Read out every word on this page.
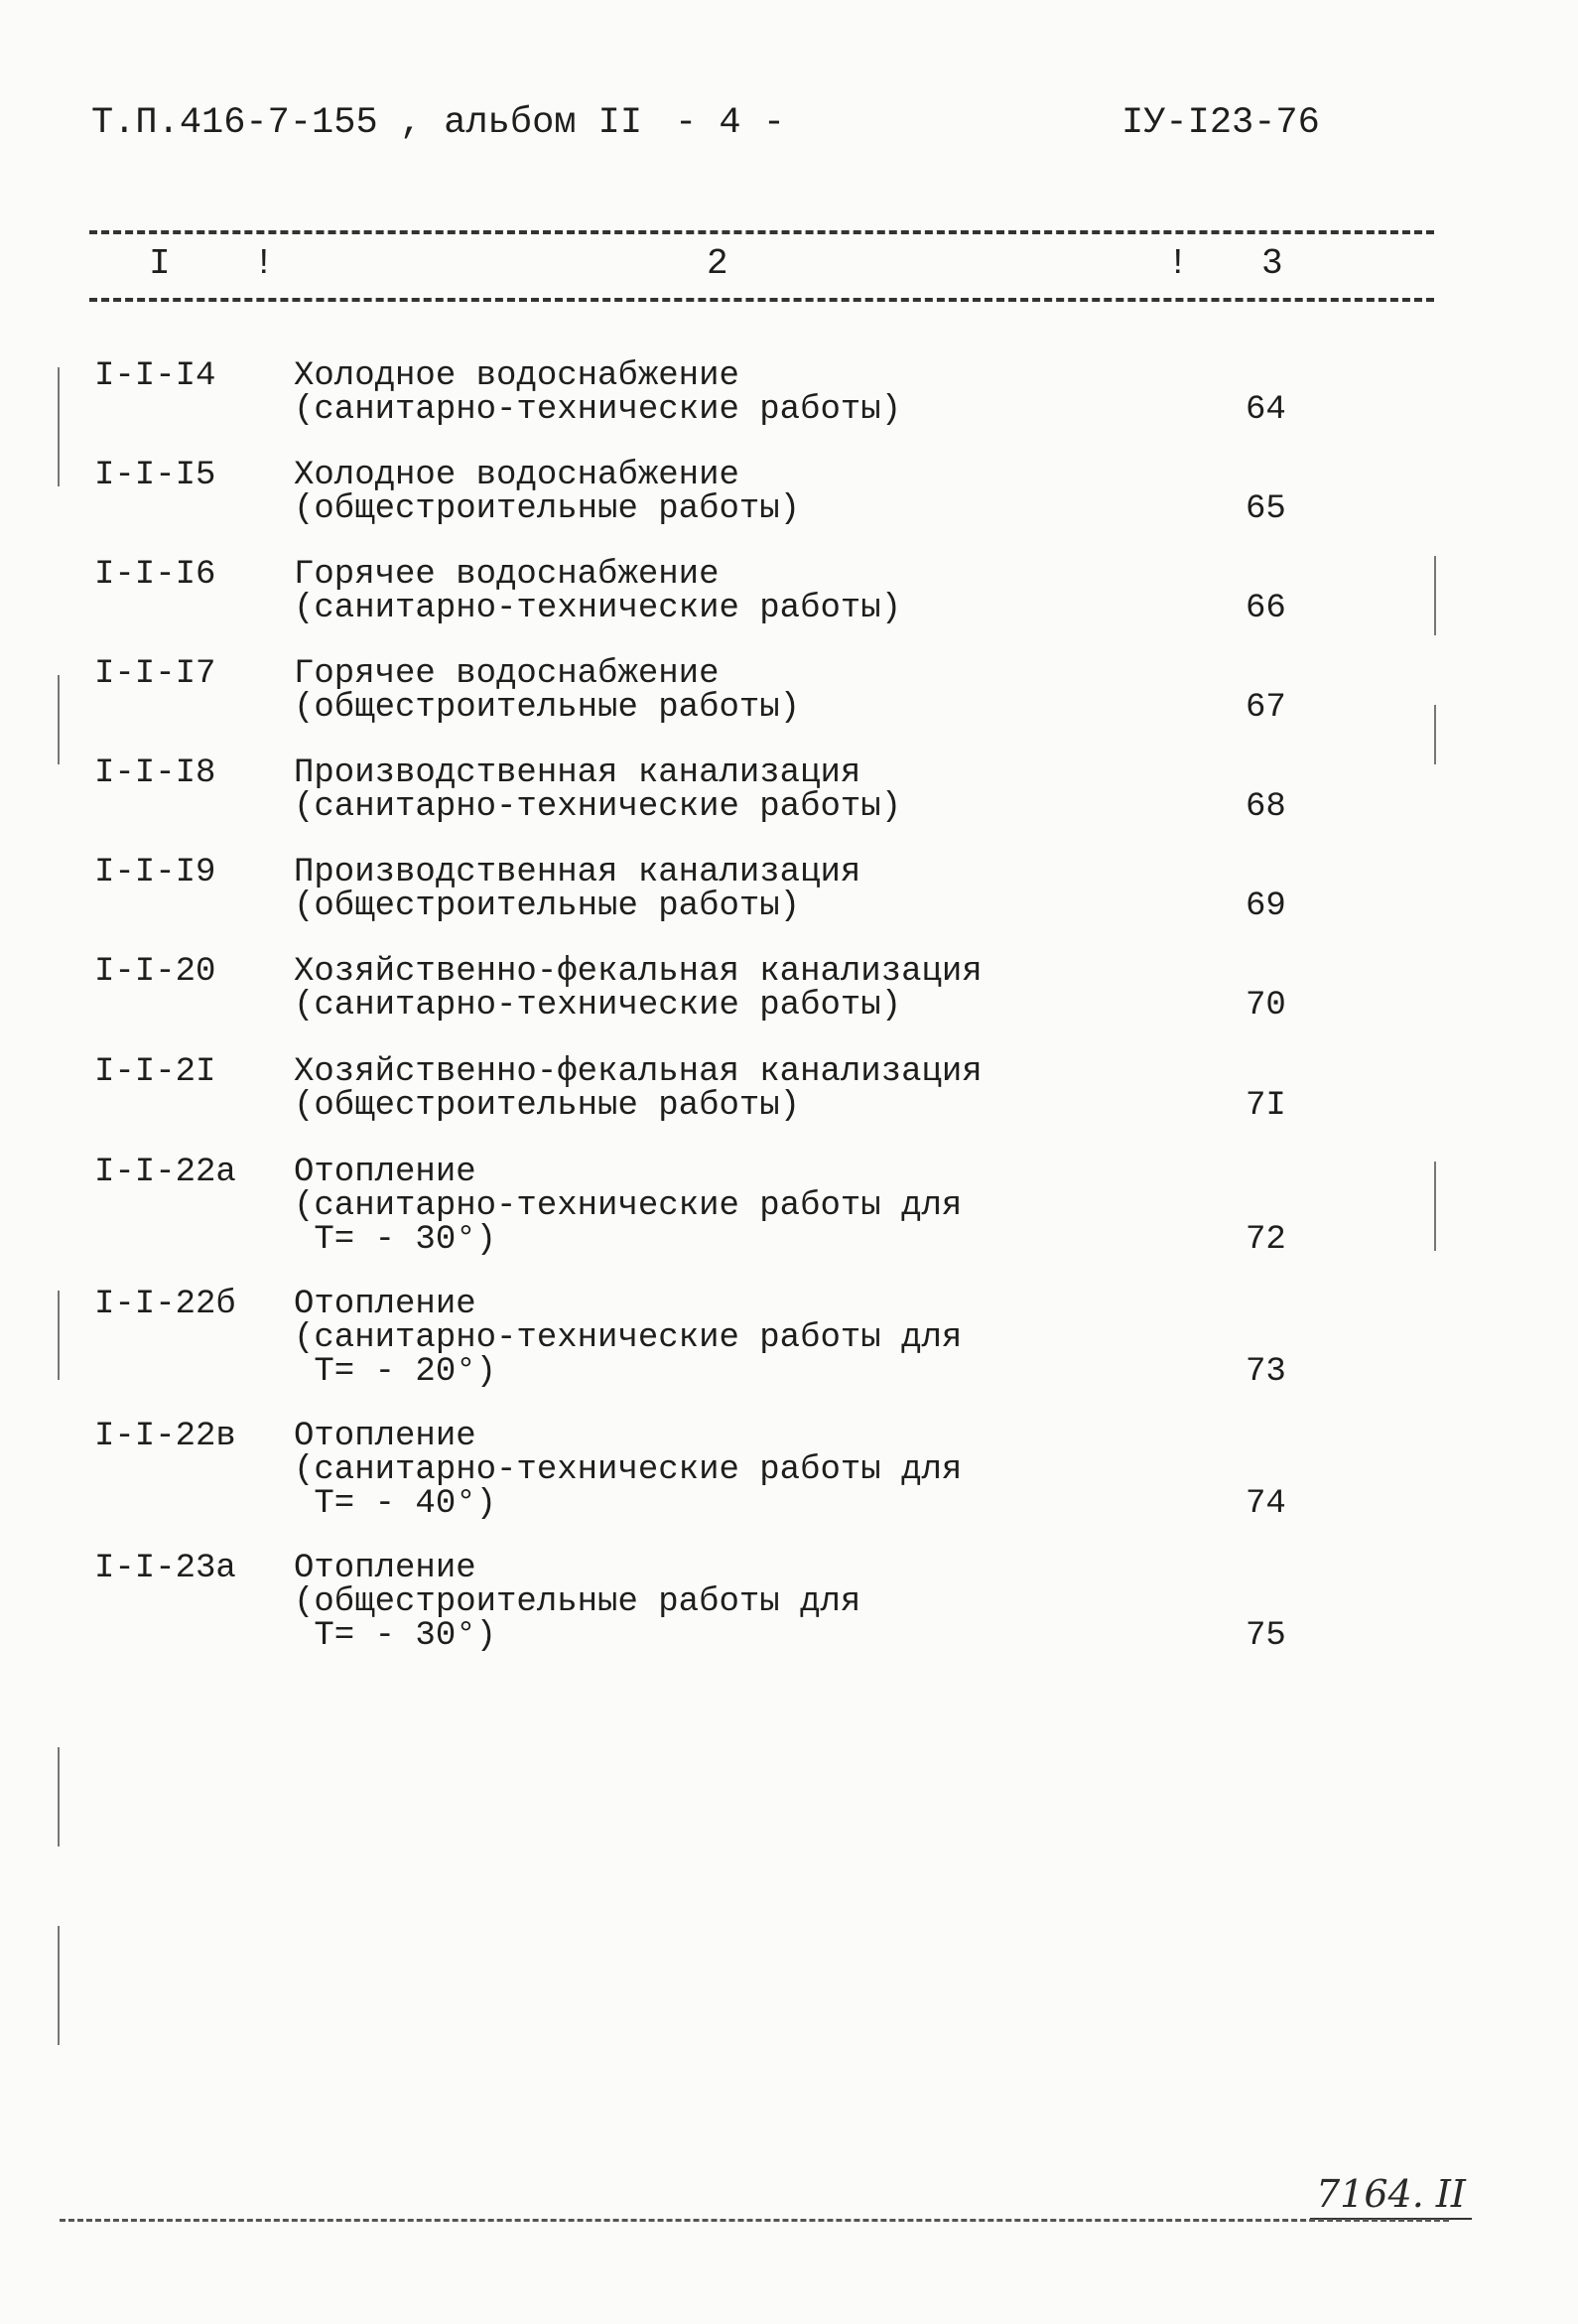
Т.П.416-7-155 , альбом II - 4 -	IУ-I23-76
I !	2	! 3
I-I-I4 Холодное водоснабжение
(санитарно-технические работы)	64
I-I-I5 Холодное водоснабжение
(общестроительные работы)	65
I-I-I6 Горячее водоснабжение
(санитарно-технические работы)	66
I-I-I7 Горячее водоснабжение
(общестроительные работы)	67
I-I-I8 Производственная канализация
(санитарно-технические работы)	68
I-I-I9 Производственная канализация
(общестроительные работы)	69
I-I-20 Хозяйственно-фекальная канализация
(санитарно-технические работы)	70
I-I-2I Хозяйственно-фекальная канализация
(общестроительные работы)	7I
I-I-22а Отопление
(санитарно-технические работы для
T= - 30°)	72
I-I-22б Отопление
(санитарно-технические работы для
T= - 20°)	73
I-I-22в Отопление
(санитарно-технические работы для
T= - 40°)	74
I-I-23а Отопление
(общестроительные работы для
T= - 30°)	75
7164. II
